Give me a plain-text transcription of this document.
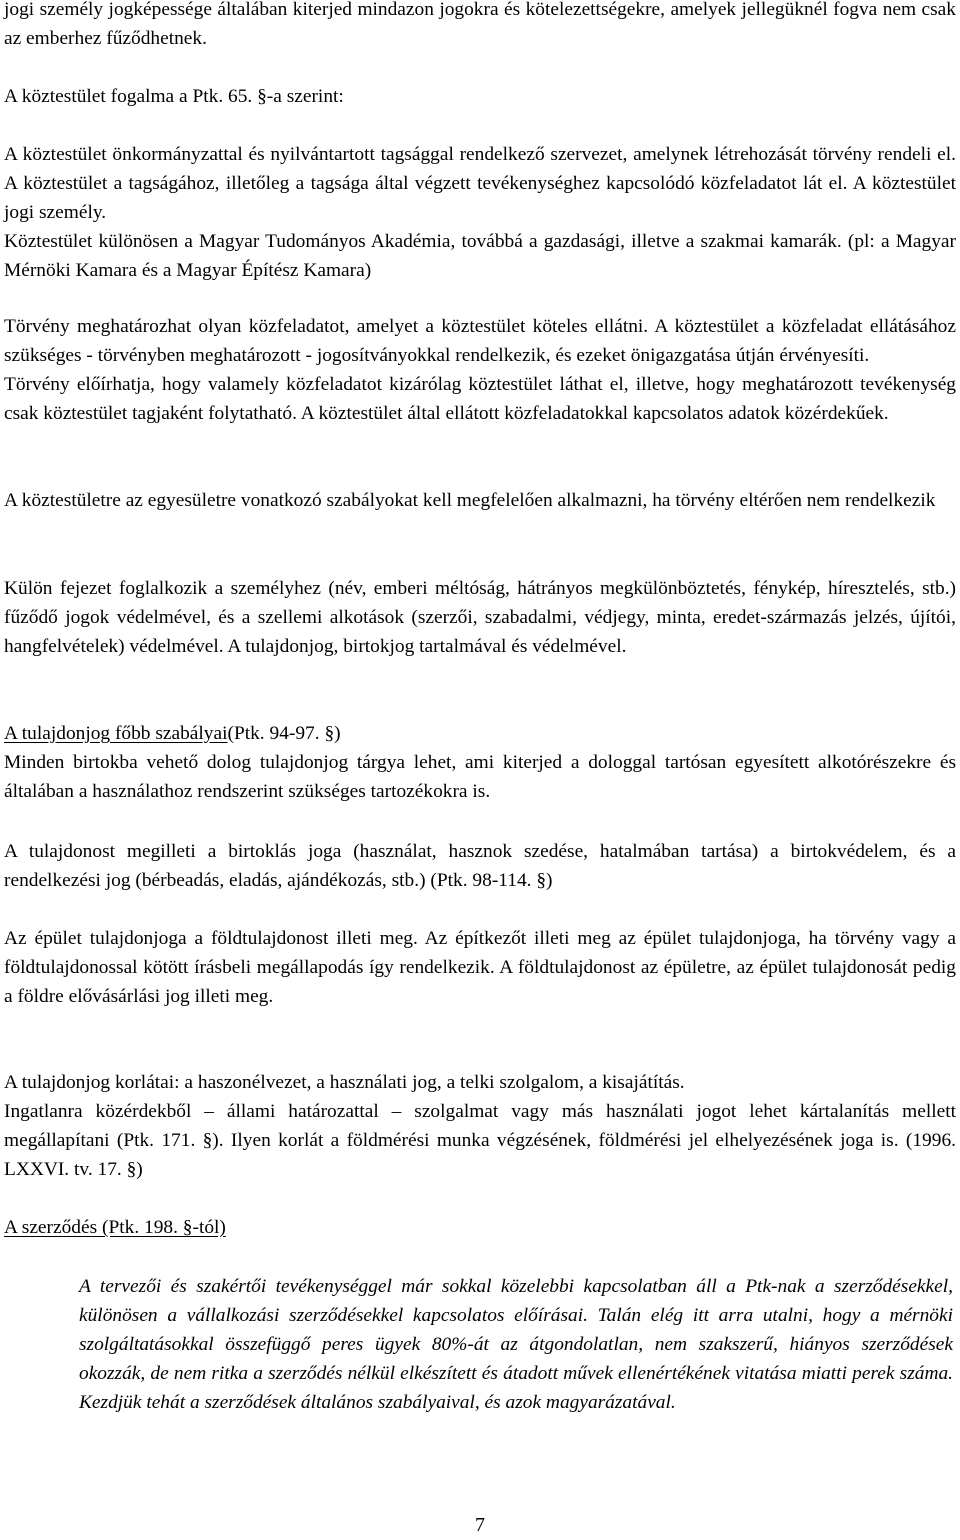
jogi személy jogképessége általában kiterjed mindazon jogokra és kötelezettségekre, amelyek jellegüknél fogva nem csak az emberhez fűződhetnek.

A köztestület fogalma a Ptk. 65. §-a szerint:

A köztestület önkormányzattal és nyilvántartott tagsággal rendelkező szervezet, amelynek létrehozását törvény rendeli el. A köztestület a tagságához, illetőleg a tagsága által végzett tevékenységhez kapcsolódó közfeladatot lát el. A köztestület jogi személy.

Köztestület különösen a Magyar Tudományos Akadémia, továbbá a gazdasági, illetve a szakmai kamarák. (pl: a Magyar Mérnöki Kamara és a Magyar Építész Kamara)

Törvény meghatározhat olyan közfeladatot, amelyet a köztestület köteles ellátni. A köztestület a közfeladat ellátásához szükséges - törvényben meghatározott - jogosítványokkal rendelkezik, és ezeket önigazgatása útján érvényesíti.

Törvény előírhatja, hogy valamely közfeladatot kizárólag köztestület láthat el, illetve, hogy meghatározott tevékenység csak köztestület tagjaként folytatható. A köztestület által ellátott közfeladatokkal kapcsolatos adatok közérdekűek.

A köztestületre az egyesületre vonatkozó szabályokat kell megfelelően alkalmazni, ha törvény eltérően nem rendelkezik

Külön fejezet foglalkozik a személyhez (név, emberi méltóság, hátrányos megkülönböztetés, fénykép, híresztelés, stb.) fűződő jogok védelmével, és a szellemi alkotások (szerzői, szabadalmi, védjegy, minta, eredet-származás jelzés, újítói, hangfelvételek) védelmével. A tulajdonjog, birtokjog tartalmával és védelmével.

A tulajdonjog főbb szabályai(Ptk. 94-97. §)

Minden birtokba vehető dolog tulajdonjog tárgya lehet, ami kiterjed a dologgal tartósan egyesített alkotórészekre és általában a használathoz rendszerint szükséges tartozékokra is.

A tulajdonost megilleti a birtoklás joga (használat, hasznok szedése, hatalmában tartása) a birtokvédelem, és a rendelkezési jog (bérbeadás, eladás, ajándékozás, stb.) (Ptk. 98-114. §)

Az épület tulajdonjoga a földtulajdonost illeti meg. Az építkezőt illeti meg az épület tulajdonjoga, ha törvény vagy a földtulajdonossal kötött írásbeli megállapodás így rendelkezik. A földtulajdonost az épületre, az épület tulajdonosát pedig a földre elővásárlási jog illeti meg.

A tulajdonjog korlátai: a haszonélvezet, a használati jog, a telki szolgalom, a kisajátítás.

Ingatlanra közérdekből – állami határozattal – szolgalmat vagy más használati jogot lehet kártalanítás mellett megállapítani (Ptk. 171. §). Ilyen korlát a földmérési munka végzésének, földmérési jel elhelyezésének joga is. (1996. LXXVI. tv. 17. §)

A szerződés (Ptk. 198. §-tól)

A tervezői és szakértői tevékenységgel már sokkal közelebbi kapcsolatban áll a Ptk-nak a szerződésekkel, különösen a vállalkozási szerződésekkel kapcsolatos előírásai. Talán elég itt arra utalni, hogy a mérnöki szolgáltatásokkal összefüggő peres ügyek 80%-át az átgondolatlan, nem szakszerű, hiányos szerződések okozzák, de nem ritka a szerződés nélkül elkészített és átadott művek ellenértékének vitatása miatti perek száma. Kezdjük tehát a szerződések általános szabályaival, és azok magyarázatával.

7
